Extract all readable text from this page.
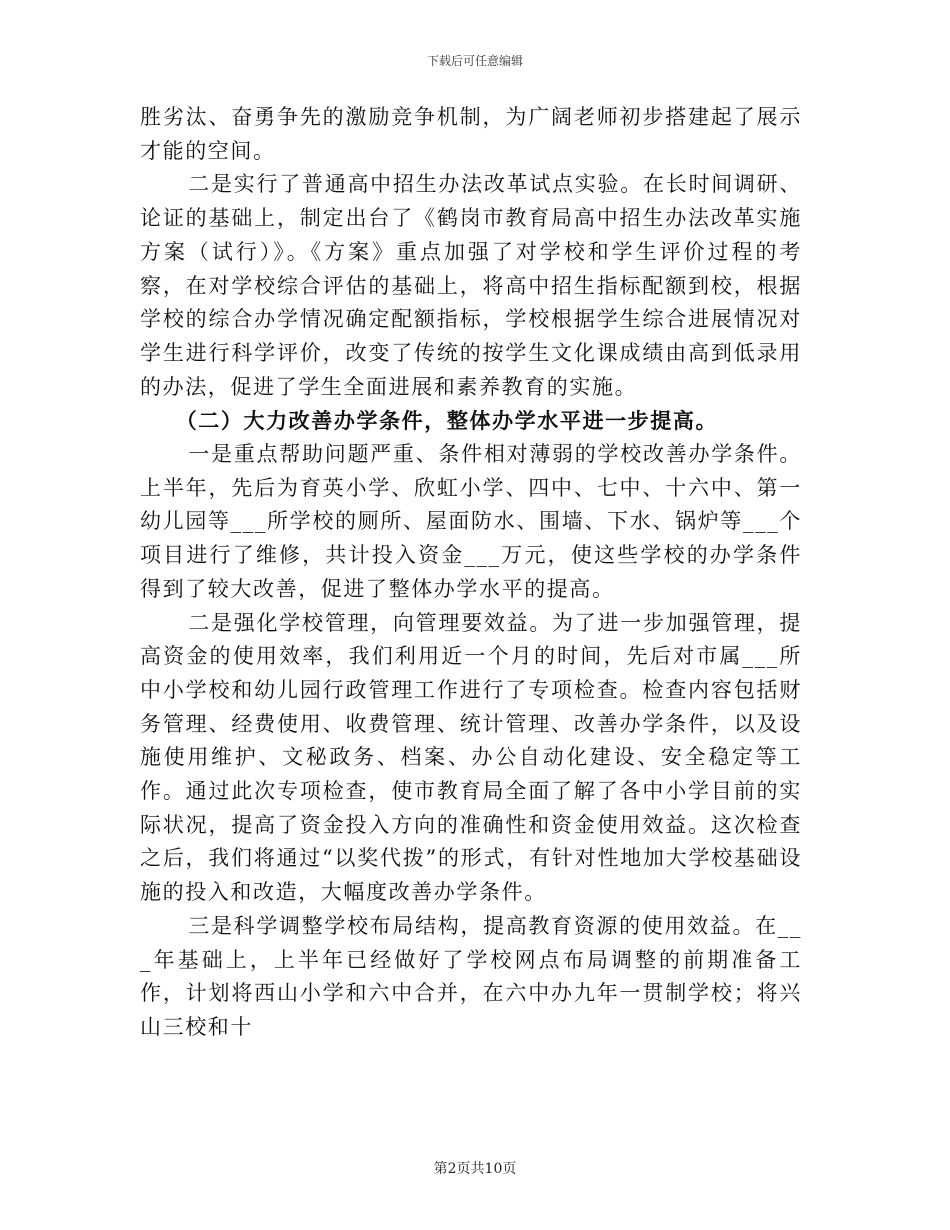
下载后可任意编辑

胜劣汰、奋勇争先的激励竞争机制，为广阔老师初步搭建起了展示才能的空间。

二是实行了普通高中招生办法改革试点实验。在长时间调研、论证的基础上，制定出台了《鹤岗市教育局高中招生办法改革实施方案（试行）》。《方案》重点加强了对学校和学生评价过程的考察，在对学校综合评估的基础上，将高中招生指标配额到校，根据学校的综合办学情况确定配额指标，学校根据学生综合进展情况对学生进行科学评价，改变了传统的按学生文化课成绩由高到低录用的办法，促进了学生全面进展和素养教育的实施。

（二）大力改善办学条件，整体办学水平进一步提高。

一是重点帮助问题严重、条件相对薄弱的学校改善办学条件。上半年，先后为育英小学、欣虹小学、四中、七中、十六中、第一幼儿园等___所学校的厕所、屋面防水、围墙、下水、锅炉等___个项目进行了维修，共计投入资金___万元，使这些学校的办学条件得到了较大改善，促进了整体办学水平的提高。

二是强化学校管理，向管理要效益。为了进一步加强管理，提高资金的使用效率，我们利用近一个月的时间，先后对市属___所中小学校和幼儿园行政管理工作进行了专项检查。检查内容包括财务管理、经费使用、收费管理、统计管理、改善办学条件，以及设施使用维护、文秘政务、档案、办公自动化建设、安全稳定等工作。通过此次专项检查，使市教育局全面了解了各中小学目前的实际状况，提高了资金投入方向的准确性和资金使用效益。这次检查之后，我们将通过“以奖代拨”的形式，有针对性地加大学校基础设施的投入和改造，大幅度改善办学条件。

三是科学调整学校布局结构，提高教育资源的使用效益。在___年基础上，上半年已经做好了学校网点布局调整的前期准备工作，计划将西山小学和六中合并，在六中办九年一贯制学校；将兴山三校和十

第2页共10页
